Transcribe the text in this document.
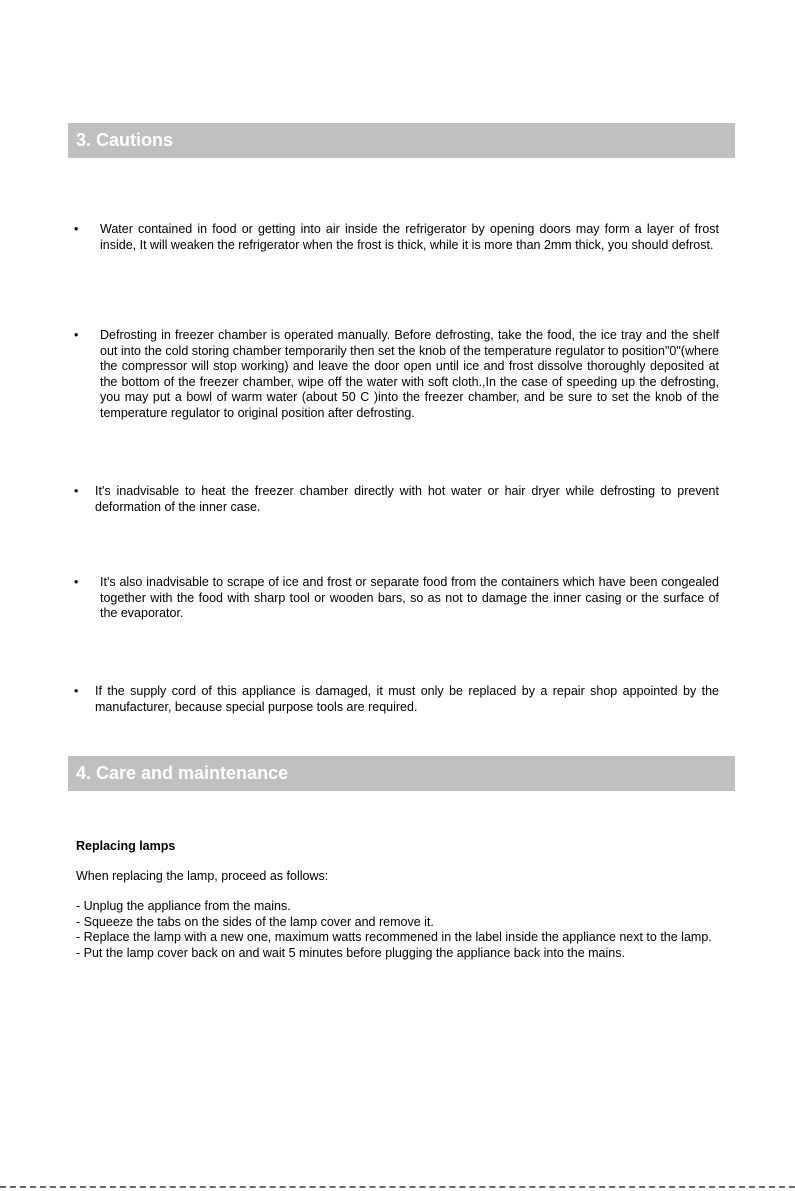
3. Cautions
• Water contained in food or getting into air inside the refrigerator by opening doors may form a layer of frost inside, It will weaken the refrigerator when the frost is thick, while it is more than 2mm thick, you should defrost.
• Defrosting in freezer chamber is operated manually. Before defrosting, take the food, the ice tray and the shelf out into the cold storing chamber temporarily then set the knob of the temperature regulator to position"0"(where the compressor will stop working) and leave the door open until ice and frost dissolve thoroughly deposited at the bottom of the freezer chamber, wipe off the water with soft cloth.,In the case of speeding up the defrosting, you may put a bowl of warm water (about 50 C )into the freezer chamber, and be sure to set the knob of the temperature regulator to original position after defrosting.
• It's inadvisable to heat the freezer chamber directly with hot water or hair dryer while defrosting to prevent deformation of the inner case.
• It's also inadvisable to scrape of ice and frost or separate food from the containers which have been congealed together with the food with sharp tool or wooden bars, so as not to damage the inner casing or the surface of the evaporator.
• If the supply cord of this appliance is damaged, it must only be replaced by a repair shop appointed by the manufacturer, because special purpose tools are required.
4. Care and maintenance
Replacing lamps
When replacing the lamp, proceed as follows:
- Unplug the appliance from the mains.
- Squeeze the tabs on the sides of the lamp cover and remove it.
- Replace the lamp with a new one, maximum watts recommened in the label inside the appliance next to the lamp.
- Put the lamp cover back on and wait 5 minutes before plugging the appliance back into the mains.
